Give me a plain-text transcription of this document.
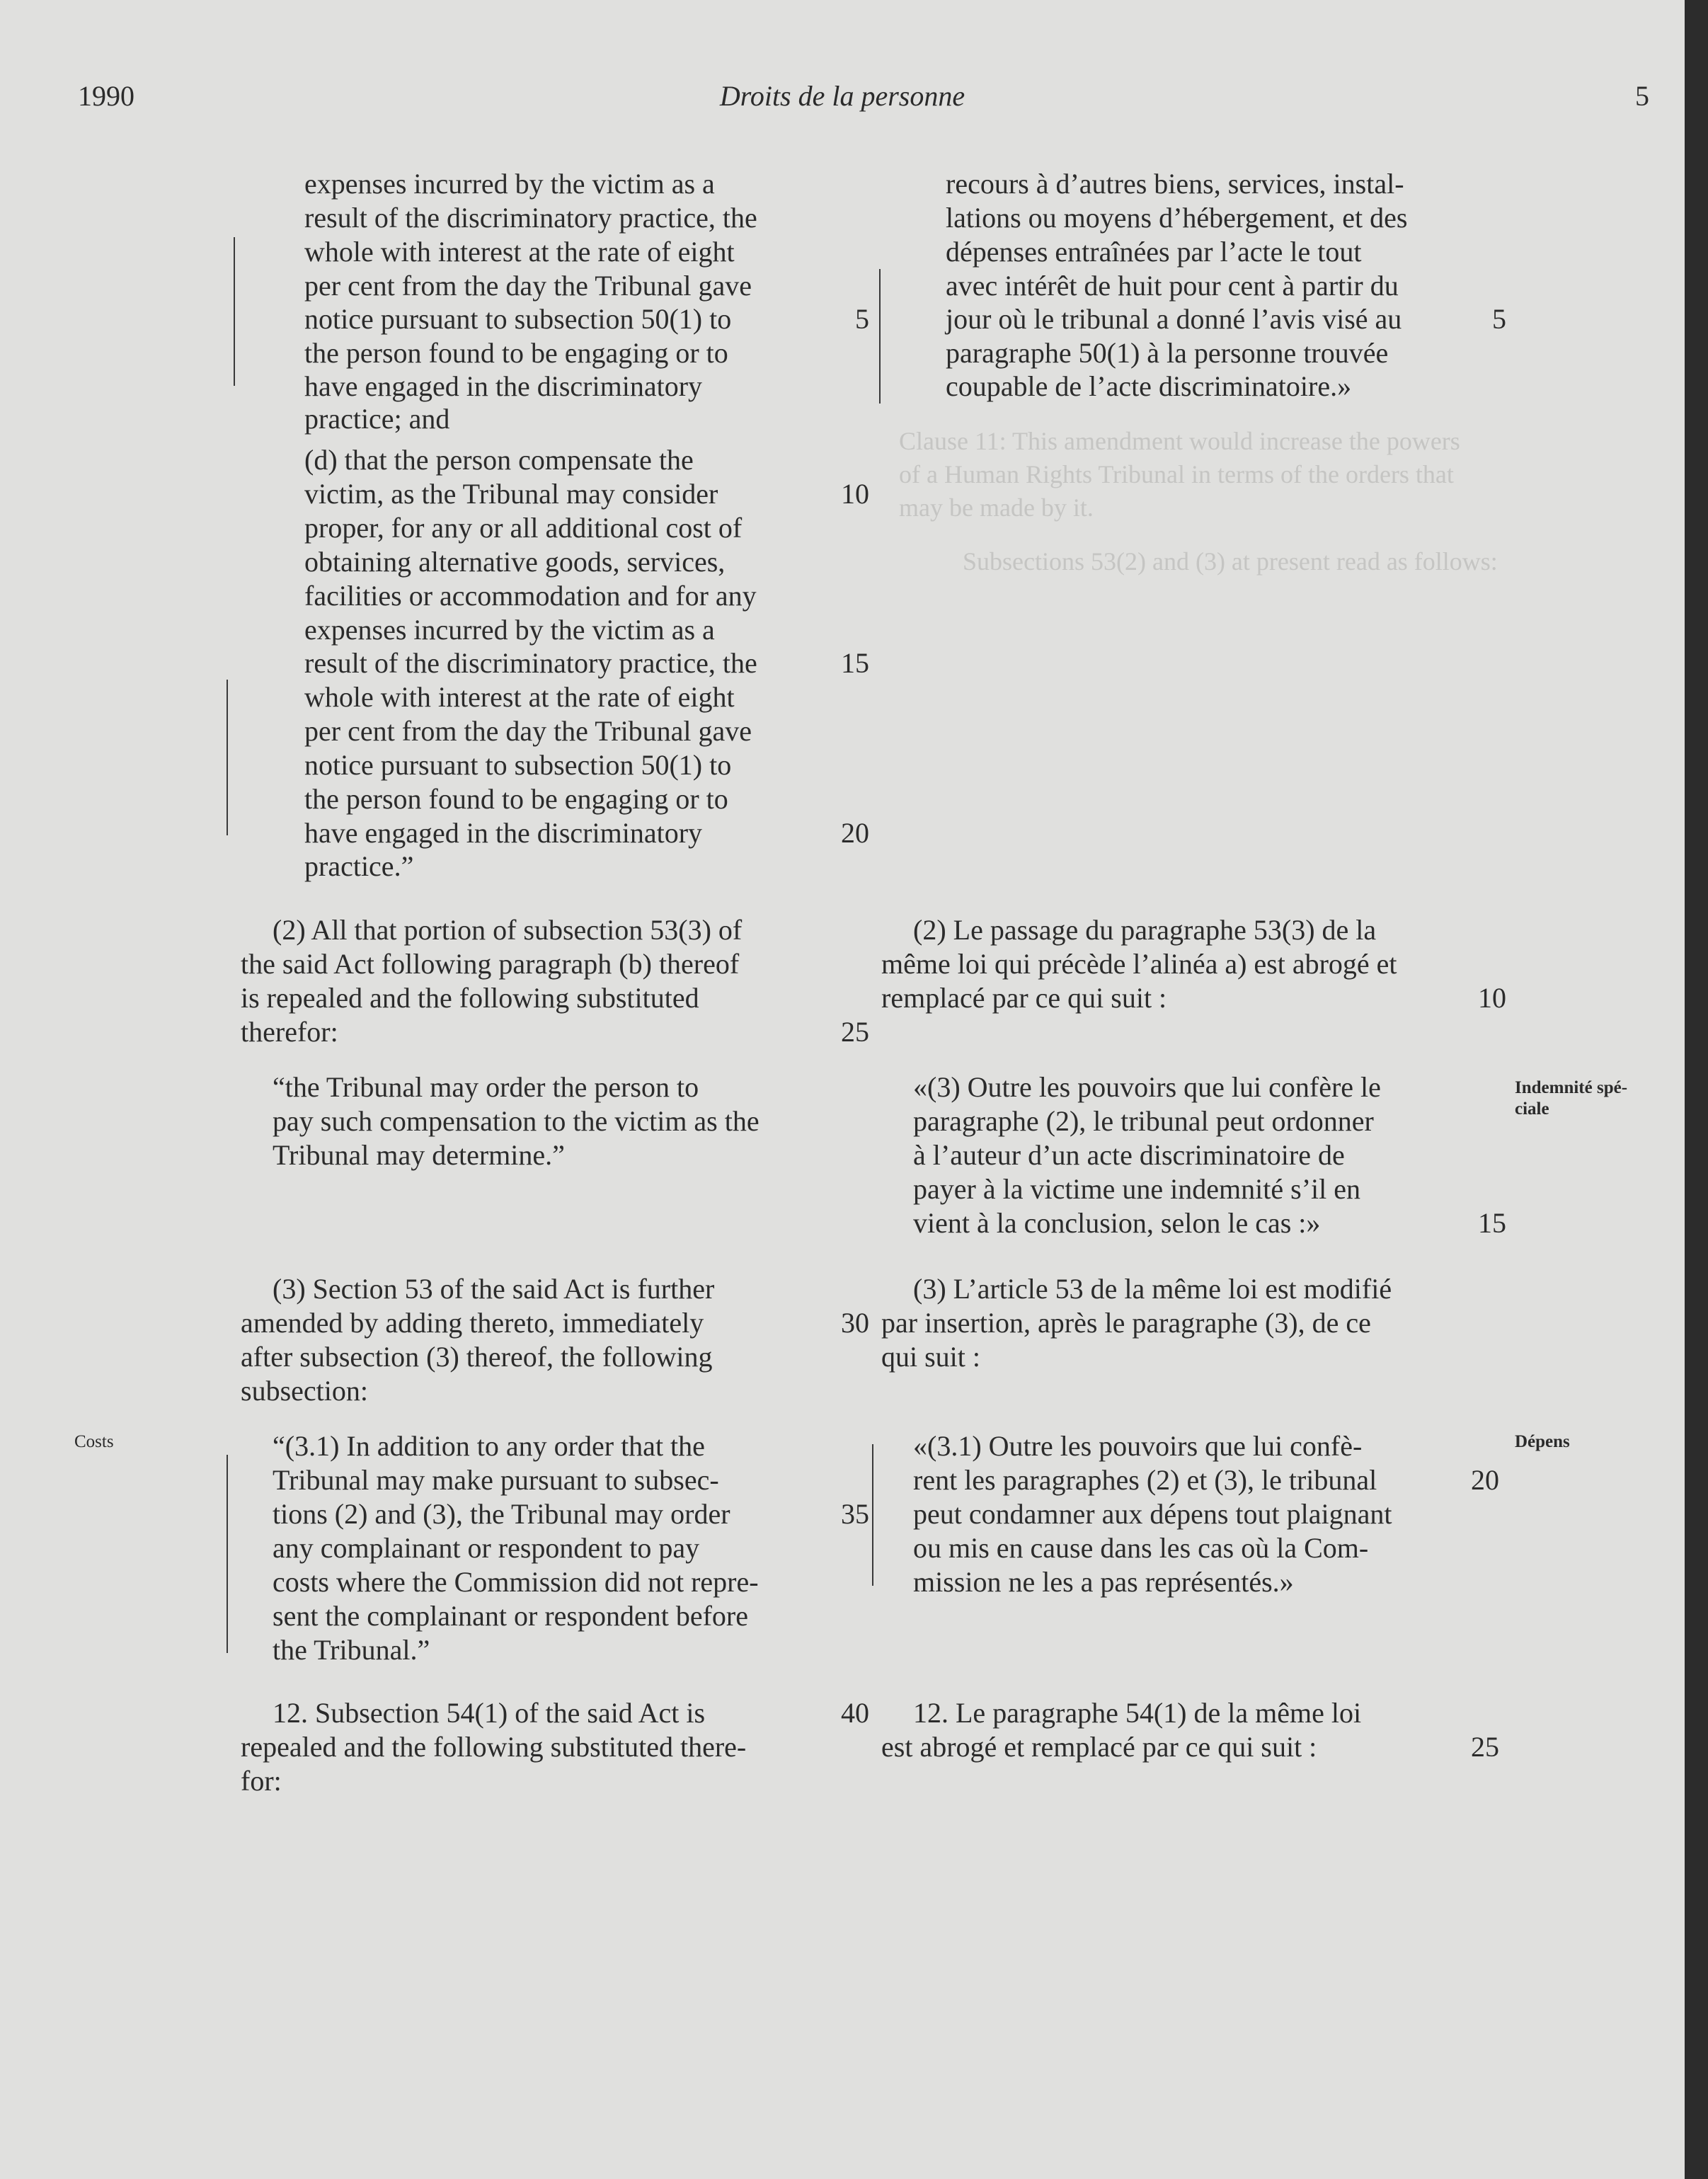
Clause 11: This amendment would increase the powers
of a Human Rights Tribunal in terms of the orders that
may be made by it.
Subsections 53(2) and (3) at present read as follows:
1990	Droits de la personne	5
expenses incurred by the victim as a
result of the discriminatory practice, the
whole with interest at the rate of eight
per cent from the day the Tribunal gave
notice pursuant to subsection 50(1) to
the person found to be engaging or to
have engaged in the discriminatory
practice; and
(d) that the person compensate the
victim, as the Tribunal may consider
proper, for any or all additional cost of
obtaining alternative goods, services,
facilities or accommodation and for any
expenses incurred by the victim as a
result of the discriminatory practice, the
whole with interest at the rate of eight
per cent from the day the Tribunal gave
notice pursuant to subsection 50(1) to
the person found to be engaging or to
have engaged in the discriminatory
practice.”
(2) All that portion of subsection 53(3) of
the said Act following paragraph (b) thereof
is repealed and the following substituted
therefor:
“the Tribunal may order the person to
pay such compensation to the victim as the
Tribunal may determine.”
(3) Section 53 of the said Act is further
amended by adding thereto, immediately
after subsection (3) thereof, the following
subsection:
“(3.1) In addition to any order that the
Tribunal may make pursuant to subsec-
tions (2) and (3), the Tribunal may order
any complainant or respondent to pay
costs where the Commission did not repre-
sent the complainant or respondent before
the Tribunal.”
12. Subsection 54(1) of the said Act is
repealed and the following substituted there-
for:
5
10
15
20
25
30
35
40
recours à d’autres biens, services, instal-
lations ou moyens d’hébergement, et des
dépenses entraînées par l’acte le tout
avec intérêt de huit pour cent à partir du
jour où le tribunal a donné l’avis visé au
paragraphe 50(1) à la personne trouvée
coupable de l’acte discriminatoire.»
(2) Le passage du paragraphe 53(3) de la
même loi qui précède l’alinéa a) est abrogé et
remplacé par ce qui suit :
«(3) Outre les pouvoirs que lui confère le
paragraphe (2), le tribunal peut ordonner
à l’auteur d’un acte discriminatoire de
payer à la victime une indemnité s’il en
vient à la conclusion, selon le cas :»
(3) L’article 53 de la même loi est modifié
par insertion, après le paragraphe (3), de ce
qui suit :
«(3.1) Outre les pouvoirs que lui confè-
rent les paragraphes (2) et (3), le tribunal
peut condamner aux dépens tout plaignant
ou mis en cause dans les cas où la Com-
mission ne les a pas représentés.»
12. Le paragraphe 54(1) de la même loi
est abrogé et remplacé par ce qui suit :
5
10
15
20
25
Costs
Indemnité spé-
ciale
Dépens
